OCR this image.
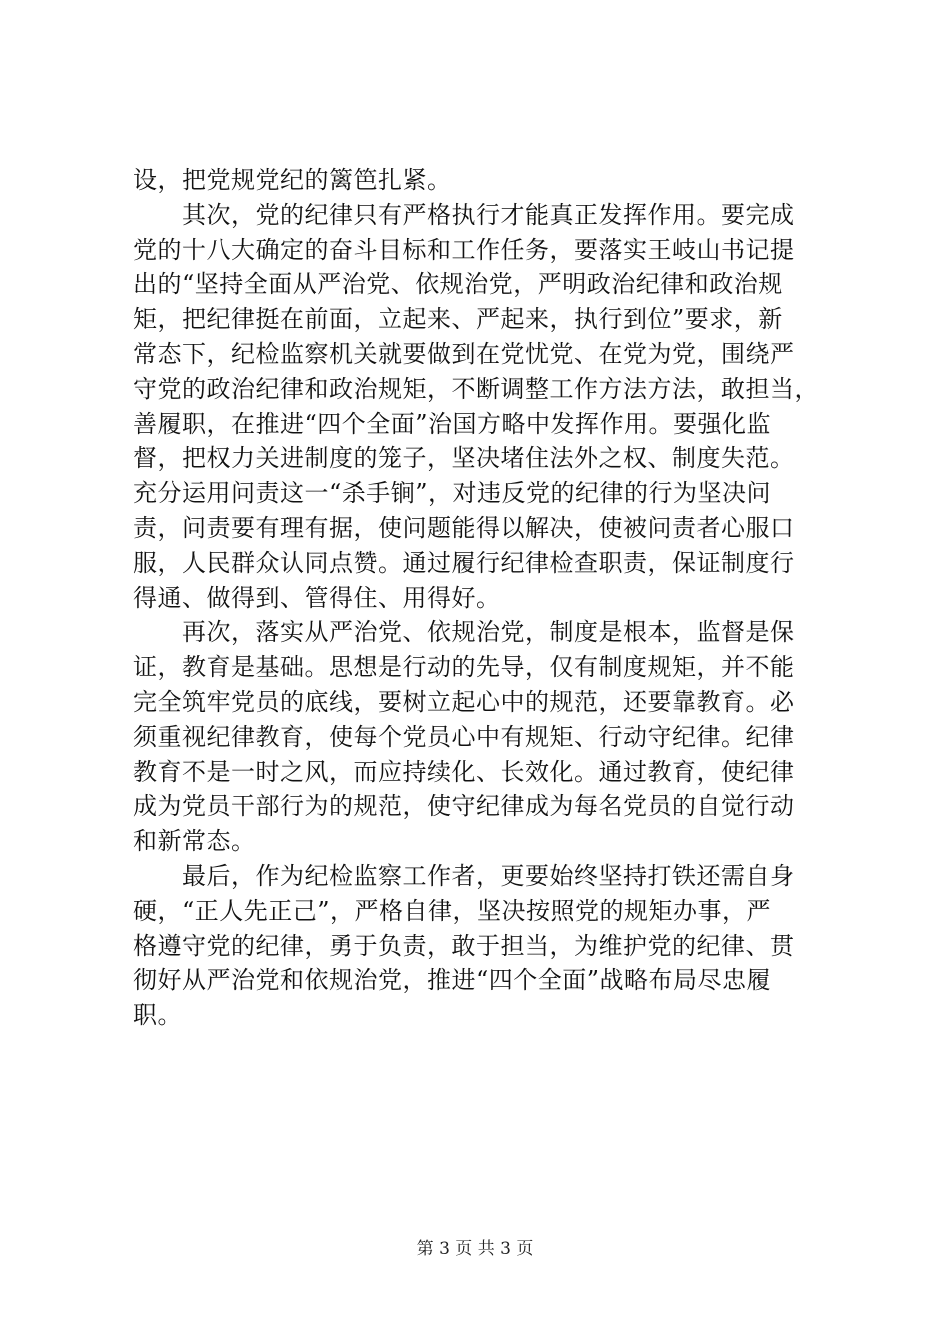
设，把党规党纪的篱笆扎紧。
　　其次，党的纪律只有严格执行才能真正发挥作用。要完成
党的十八大确定的奋斗目标和工作任务，要落实王岐山书记提
出的“坚持全面从严治党、依规治党，严明政治纪律和政治规
矩，把纪律挺在前面，立起来、严起来，执行到位”要求，新
常态下，纪检监察机关就要做到在党忧党、在党为党，围绕严
守党的政治纪律和政治规矩，不断调整工作方法方法，敢担当，
善履职，在推进“四个全面”治国方略中发挥作用。要强化监
督，把权力关进制度的笼子，坚决堵住法外之权、制度失范。
充分运用问责这一“杀手锏”，对违反党的纪律的行为坚决问
责，问责要有理有据，使问题能得以解决，使被问责者心服口
服，人民群众认同点赞。通过履行纪律检查职责，保证制度行
得通、做得到、管得住、用得好。
　　再次，落实从严治党、依规治党，制度是根本，监督是保
证，教育是基础。思想是行动的先导，仅有制度规矩，并不能
完全筑牢党员的底线，要树立起心中的规范，还要靠教育。必
须重视纪律教育，使每个党员心中有规矩、行动守纪律。纪律
教育不是一时之风，而应持续化、长效化。通过教育，使纪律
成为党员干部行为的规范，使守纪律成为每名党员的自觉行动
和新常态。
　　最后，作为纪检监察工作者，更要始终坚持打铁还需自身
硬，“正人先正己”，严格自律，坚决按照党的规矩办事，严
格遵守党的纪律，勇于负责，敢于担当，为维护党的纪律、贯
彻好从严治党和依规治党，推进“四个全面”战略布局尽忠履
职。
第 3 页 共 3 页
